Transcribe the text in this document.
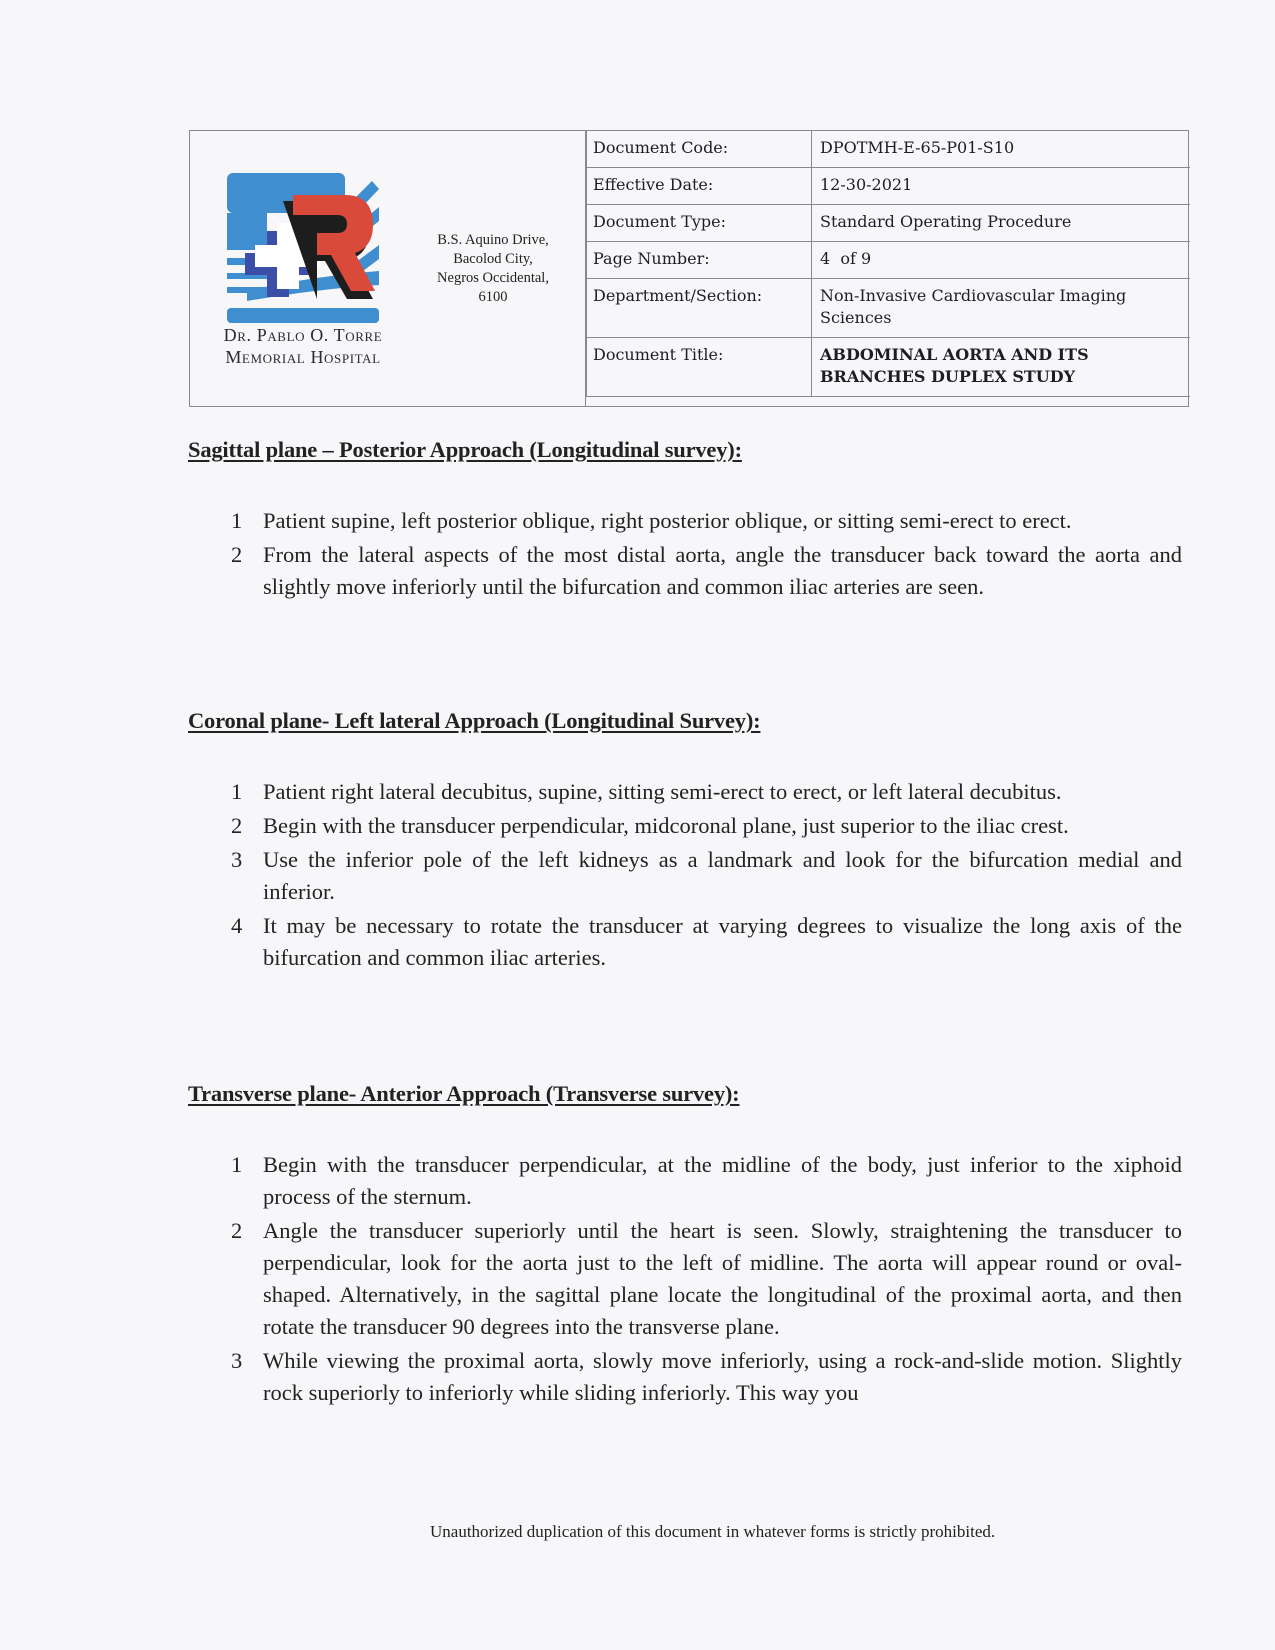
Dr. Pablo O. Torre
Memorial Hospital
B.S. Aquino Drive,
Bacolod City,
Negros Occidental,
6100
Document Code:	DPOTMH-E-65-P01-S10
Effective Date:	12-30-2021
Document Type:	Standard Operating Procedure
Page Number:	4  of 9
Department/Section:	Non-Invasive Cardiovascular Imaging Sciences
Document Title:	ABDOMINAL AORTA AND ITS BRANCHES DUPLEX STUDY
Sagittal plane – Posterior Approach (Longitudinal survey):
1 Patient supine, left posterior oblique, right posterior oblique, or sitting semi-erect to erect.
2 From the lateral aspects of the most distal aorta, angle the transducer back toward the aorta and slightly move inferiorly until the bifurcation and common iliac arteries are seen.
Coronal plane- Left lateral Approach (Longitudinal Survey):
1 Patient right lateral decubitus, supine, sitting semi-erect to erect, or left lateral decubitus.
2 Begin with the transducer perpendicular, midcoronal plane, just superior to the iliac crest.
3 Use the inferior pole of the left kidneys as a landmark and look for the bifurcation medial and inferior.
4 It may be necessary to rotate the transducer at varying degrees to visualize the long axis of the bifurcation and common iliac arteries.
Transverse plane- Anterior Approach (Transverse survey):
1 Begin with the transducer perpendicular, at the midline of the body, just inferior to the xiphoid process of the sternum.
2 Angle the transducer superiorly until the heart is seen. Slowly, straightening the transducer to perpendicular, look for the aorta just to the left of midline. The aorta will appear round or oval-shaped. Alternatively, in the sagittal plane locate the longitudinal of the proximal aorta, and then rotate the transducer 90 degrees into the transverse plane.
3 While viewing the proximal aorta, slowly move inferiorly, using a rock-and-slide motion. Slightly rock superiorly to inferiorly while sliding inferiorly. This way you
Unauthorized duplication of this document in whatever forms is strictly prohibited.
